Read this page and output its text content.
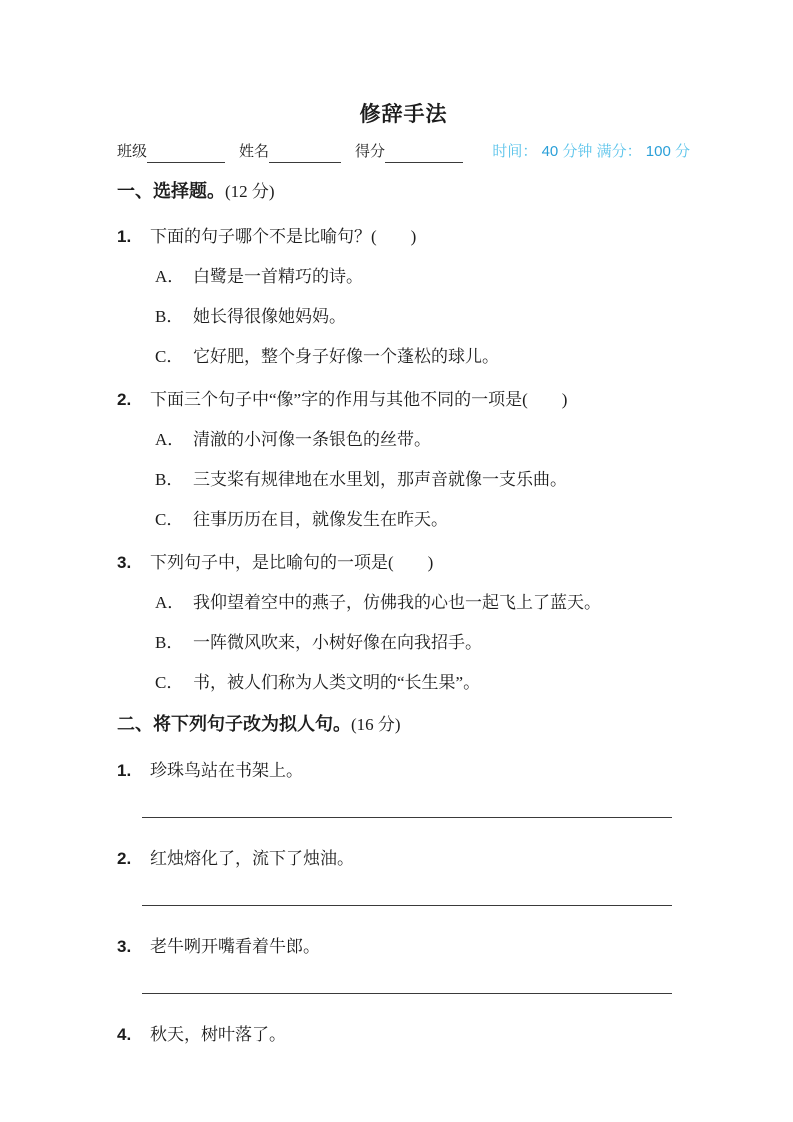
修辞手法
班级	姓名	得分	时间： 40 分钟 满分： 100 分
一、选择题。(12 分)
1.	下面的句子哪个不是比喻句？(        )
A． 白鹭是一首精巧的诗。
B． 她长得很像她妈妈。
C． 它好肥，整个身子好像一个蓬松的球儿。
2.	下面三个句子中“像”字的作用与其他不同的一项是(        )
A． 清澈的小河像一条银色的丝带。
B． 三支桨有规律地在水里划，那声音就像一支乐曲。
C． 往事历历在目，就像发生在昨天。
3.	下列句子中，是比喻句的一项是(        )
A． 我仰望着空中的燕子，仿佛我的心也一起飞上了蓝天。
B． 一阵微风吹来，小树好像在向我招手。
C． 书，被人们称为人类文明的“长生果”。
二、将下列句子改为拟人句。(16 分)
1.	珍珠鸟站在书架上。
2.	红烛熔化了，流下了烛油。
3.	老牛咧开嘴看着牛郎。
4.	秋天，树叶落了。
